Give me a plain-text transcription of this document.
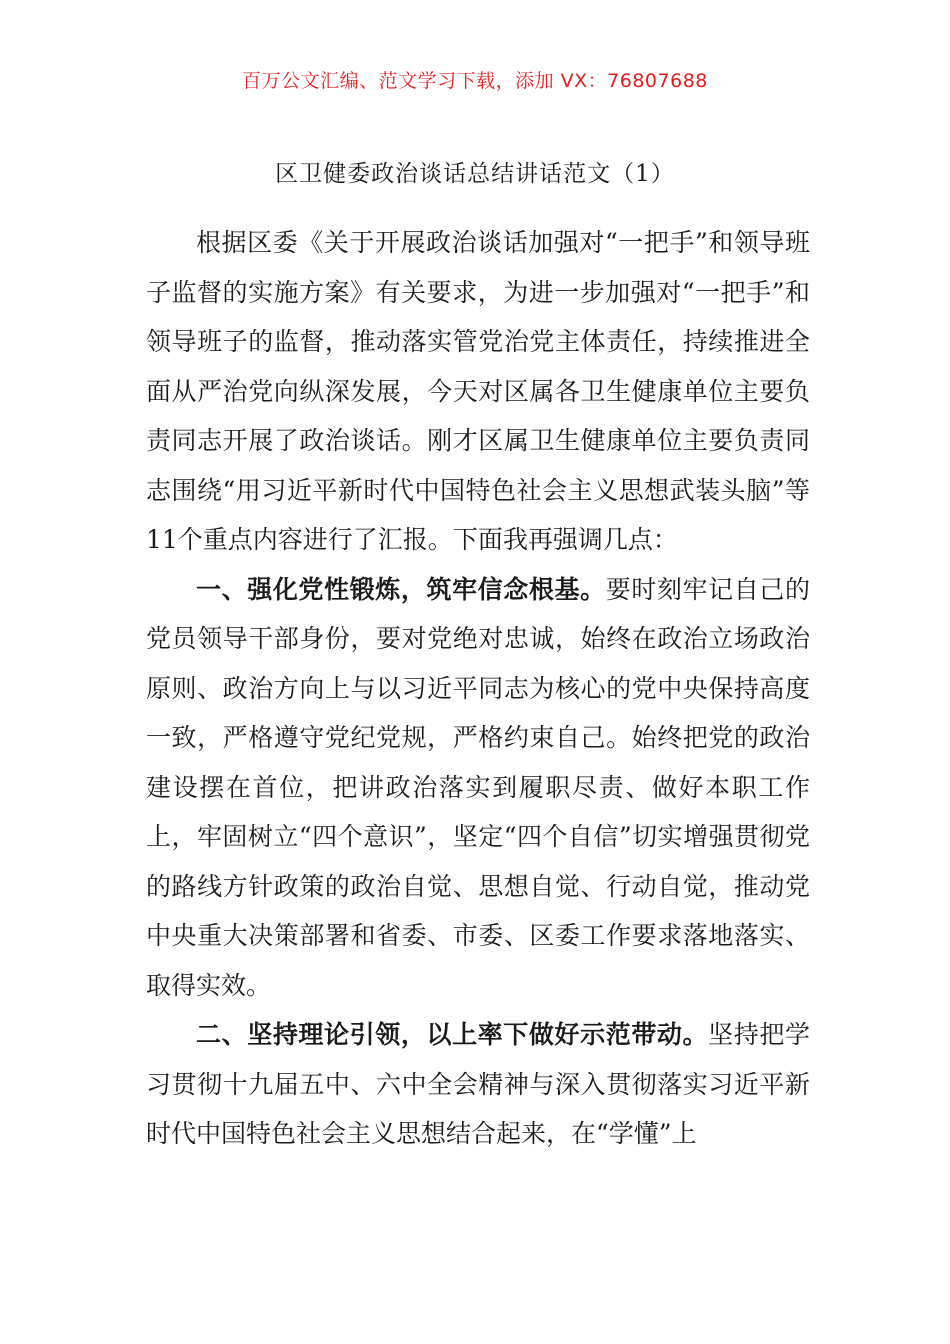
百万公文汇编、范文学习下载，添加 VX：76807688
区卫健委政治谈话总结讲话范文（1）

根据区委《关于开展政治谈话加强对“一把手”和领导班子监督的实施方案》有关要求，为进一步加强对“一把手”和领导班子的监督，推动落实管党治党主体责任，持续推进全面从严治党向纵深发展，今天对区属各卫生健康单位主要负责同志开展了政治谈话。刚才区属卫生健康单位主要负责同志围绕“用习近平新时代中国特色社会主义思想武装头脑”等11个重点内容进行了汇报。下面我再强调几点：

一、强化党性锻炼，筑牢信念根基。要时刻牢记自己的党员领导干部身份，要对党绝对忠诚，始终在政治立场政治原则、政治方向上与以习近平同志为核心的党中央保持高度一致，严格遵守党纪党规，严格约束自己。始终把党的政治建设摆在首位，把讲政治落实到履职尽责、做好本职工作上，牢固树立“四个意识”，坚定“四个自信”切实增强贯彻党的路线方针政策的政治自觉、思想自觉、行动自觉，推动党中央重大决策部署和省委、市委、区委工作要求落地落实、取得实效。

二、坚持理论引领，以上率下做好示范带动。坚持把学习贯彻十九届五中、六中全会精神与深入贯彻落实习近平新时代中国特色社会主义思想结合起来，在“学懂”上
